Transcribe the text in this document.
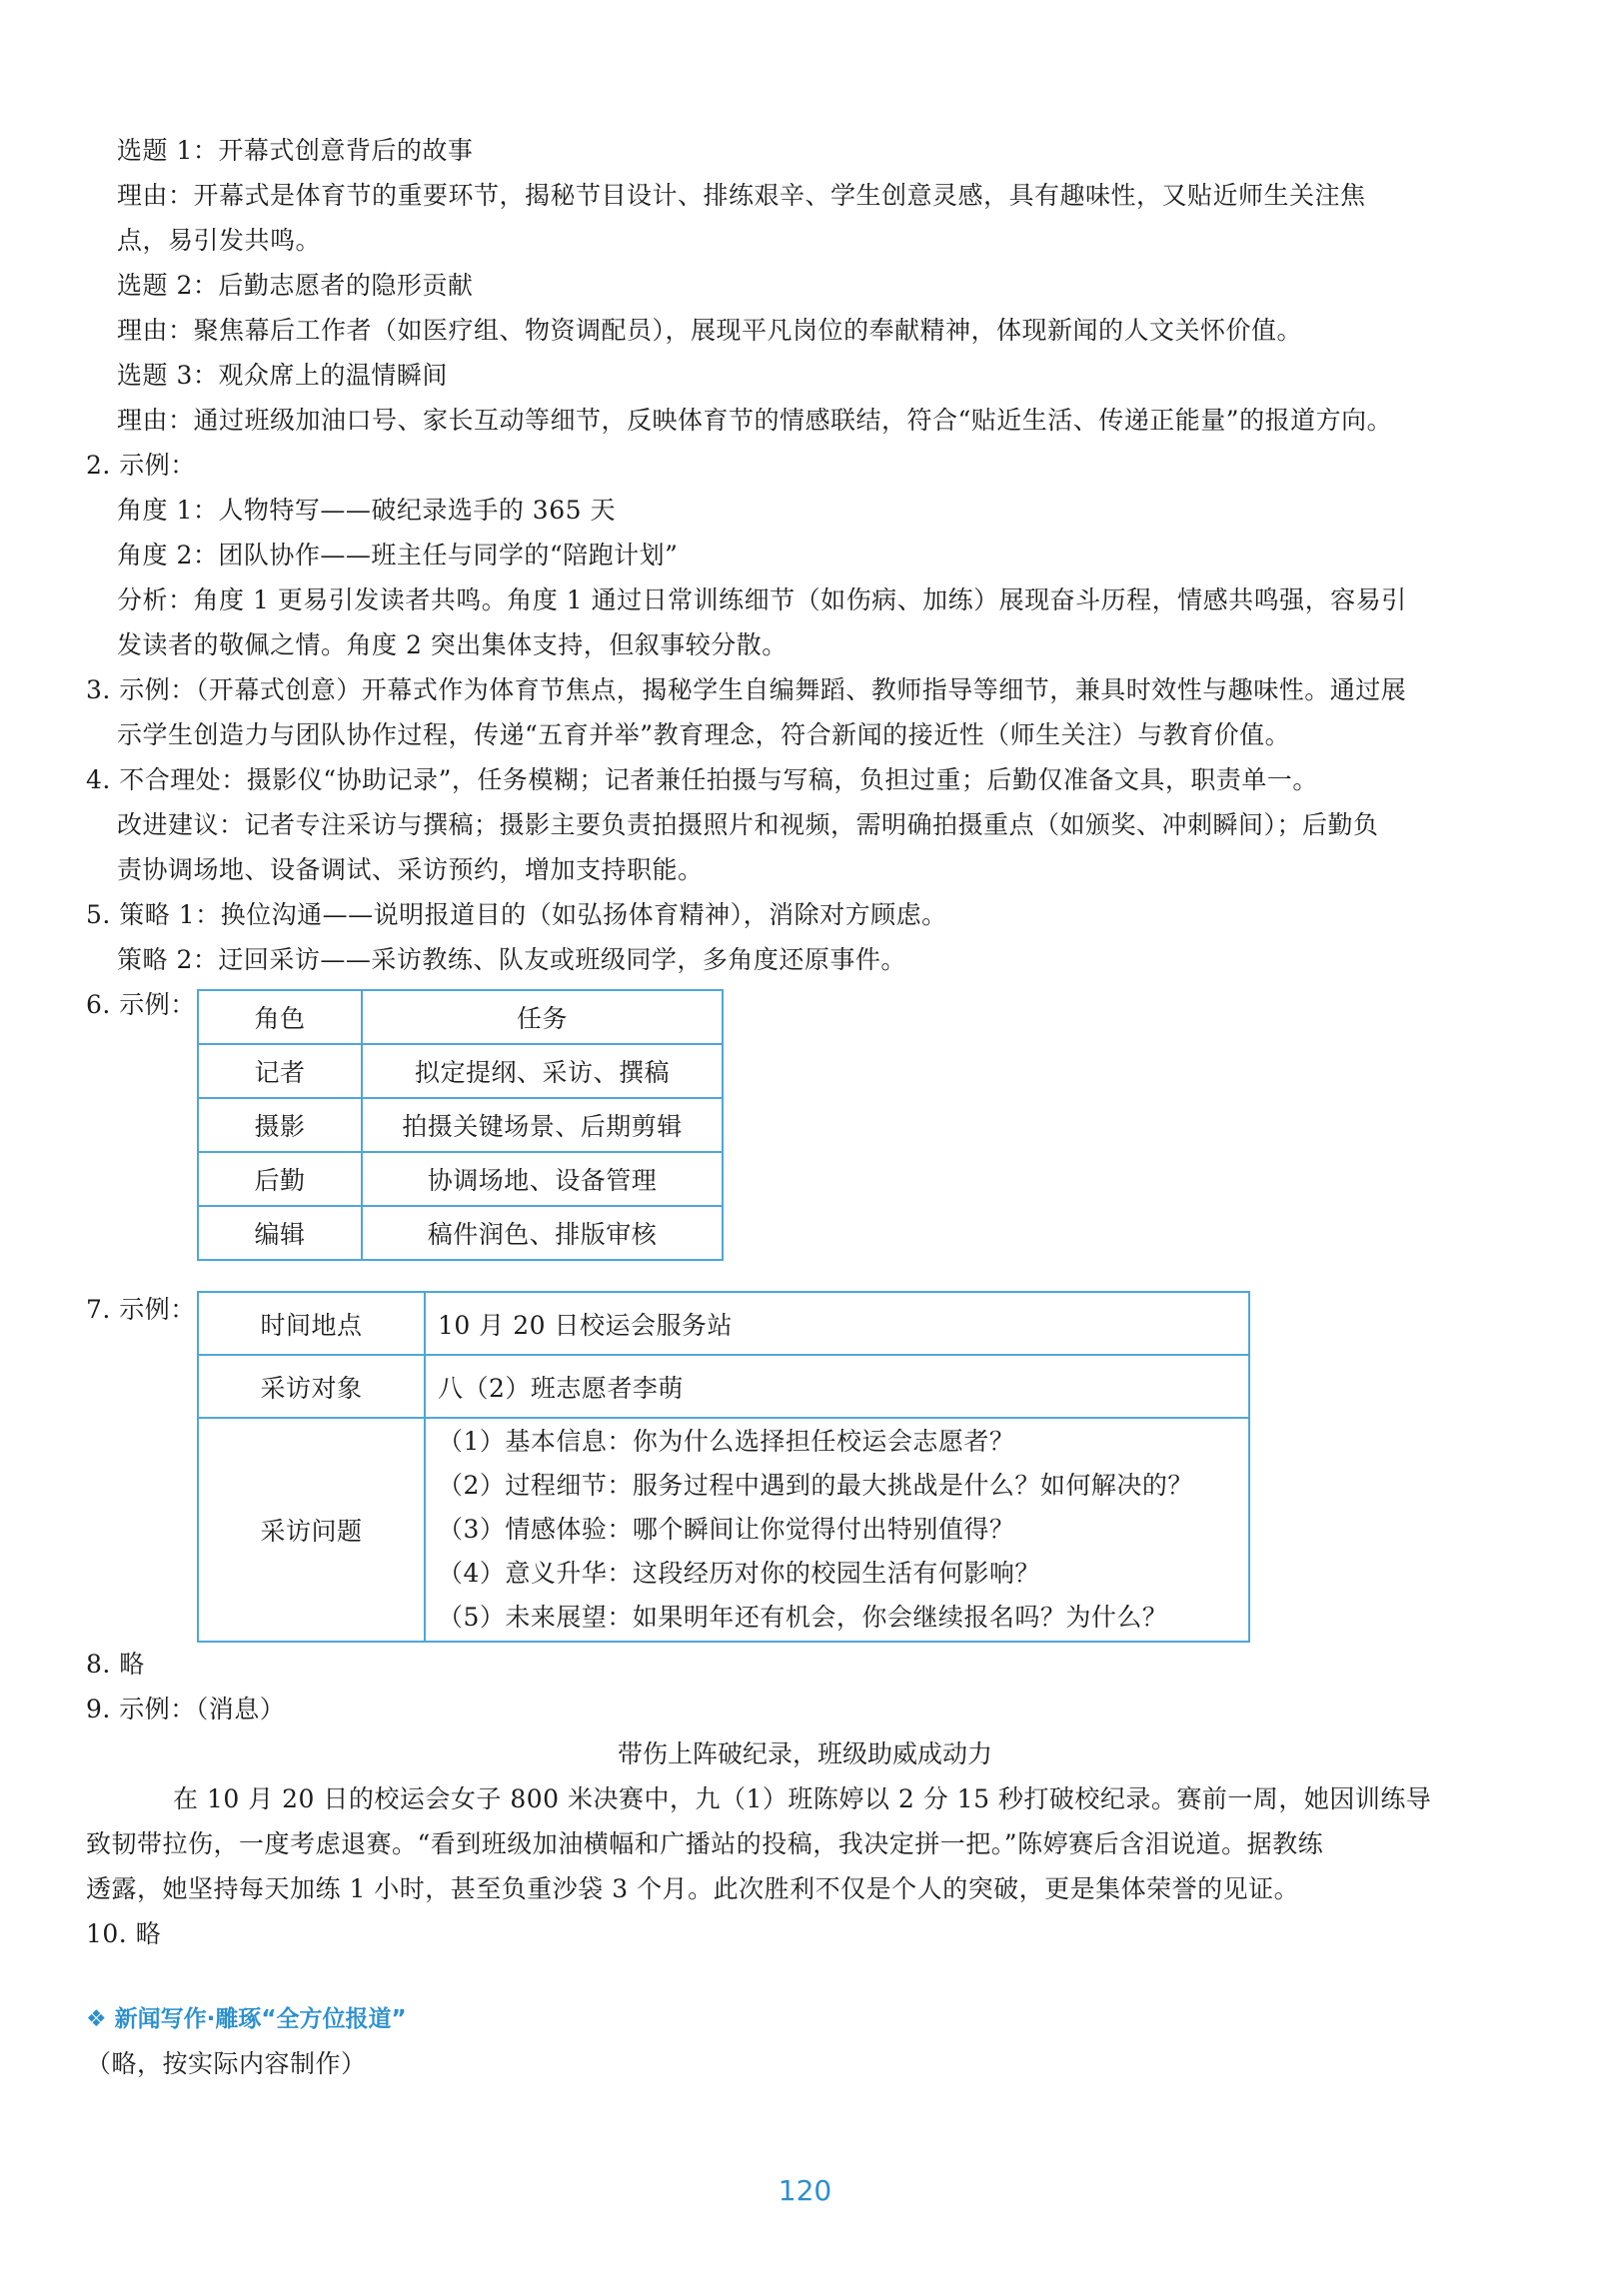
选题 1：开幕式创意背后的故事
理由：开幕式是体育节的重要环节，揭秘节目设计、排练艰辛、学生创意灵感，具有趣味性，又贴近师生关注焦
点，易引发共鸣。
选题 2：后勤志愿者的隐形贡献
理由：聚焦幕后工作者（如医疗组、物资调配员），展现平凡岗位的奉献精神，体现新闻的人文关怀价值。
选题 3：观众席上的温情瞬间
理由：通过班级加油口号、家长互动等细节，反映体育节的情感联结，符合“贴近生活、传递正能量”的报道方向。
2. 示例：
角度 1：人物特写——破纪录选手的 365 天
角度 2：团队协作——班主任与同学的“陪跑计划”
分析：角度 1 更易引发读者共鸣。角度 1 通过日常训练细节（如伤病、加练）展现奋斗历程，情感共鸣强，容易引
发读者的敬佩之情。角度 2 突出集体支持，但叙事较分散。
3. 示例：（开幕式创意）开幕式作为体育节焦点，揭秘学生自编舞蹈、教师指导等细节，兼具时效性与趣味性。通过展
示学生创造力与团队协作过程，传递“五育并举”教育理念，符合新闻的接近性（师生关注）与教育价值。
4. 不合理处：摄影仪“协助记录”，任务模糊；记者兼任拍摄与写稿，负担过重；后勤仅准备文具，职责单一。
改进建议：记者专注采访与撰稿；摄影主要负责拍摄照片和视频，需明确拍摄重点（如颁奖、冲刺瞬间）；后勤负
责协调场地、设备调试、采访预约，增加支持职能。
5. 策略 1：换位沟通——说明报道目的（如弘扬体育精神），消除对方顾虑。
策略 2：迂回采访——采访教练、队友或班级同学，多角度还原事件。
6. 示例： 角色	任务
记者	拟定提纲、采访、撰稿
摄影	拍摄关键场景、后期剪辑
后勤	协调场地、设备管理
编辑	稿件润色、排版审核
7. 示例：
时间地点	10 月 20 日校运会服务站
采访对象	八（2）班志愿者李萌
采访问题	（1）基本信息：你为什么选择担任校运会志愿者？
（2）过程细节：服务过程中遇到的最大挑战是什么？如何解决的？
（3）情感体验：哪个瞬间让你觉得付出特别值得？
（4）意义升华：这段经历对你的校园生活有何影响？
（5）未来展望：如果明年还有机会，你会继续报名吗？为什么？
8. 略
9. 示例：（消息）
带伤上阵破纪录，班级助威成动力
在 10 月 20 日的校运会女子 800 米决赛中，九（1）班陈婷以 2 分 15 秒打破校纪录。赛前一周，她因训练导
致韧带拉伤，一度考虑退赛。“看到班级加油横幅和广播站的投稿，我决定拼一把。”陈婷赛后含泪说道。据教练
透露，她坚持每天加练 1 小时，甚至负重沙袋 3 个月。此次胜利不仅是个人的突破，更是集体荣誉的见证。
10. 略
❖ 新闻写作·雕琢“全方位报道”
（略，按实际内容制作）
120
